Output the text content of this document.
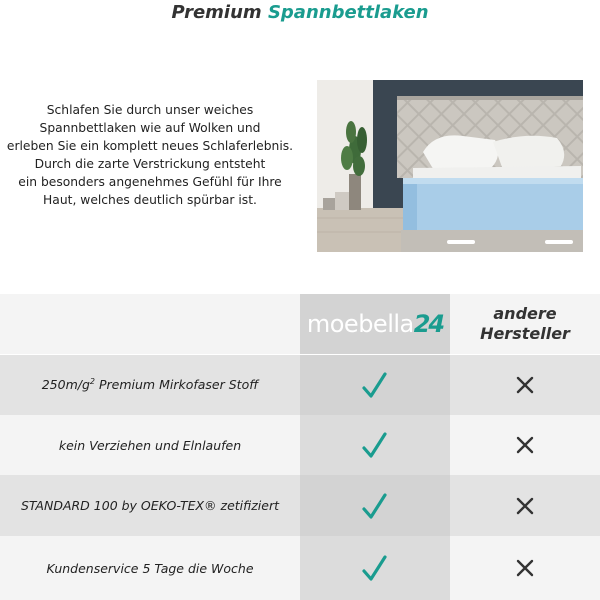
Premium Spannbettlaken
Schlafen Sie durch unser weiches
Spannbettlaken wie auf Wolken und
erleben Sie ein komplett neues Schlaferlebnis.
Durch die zarte Verstrickung entsteht
ein besonders angenehmes Gefühl für Ihre
Haut, welches deutlich spürbar ist.
moebella24	andere
Hersteller
$250m/g^2$ Premium Mirkofaser Stoff
kein Verziehen und Elnlaufen
STANDARD 100 by OEKO-TEX® zetifiziert
Kundenservice 5 Tage die Woche
